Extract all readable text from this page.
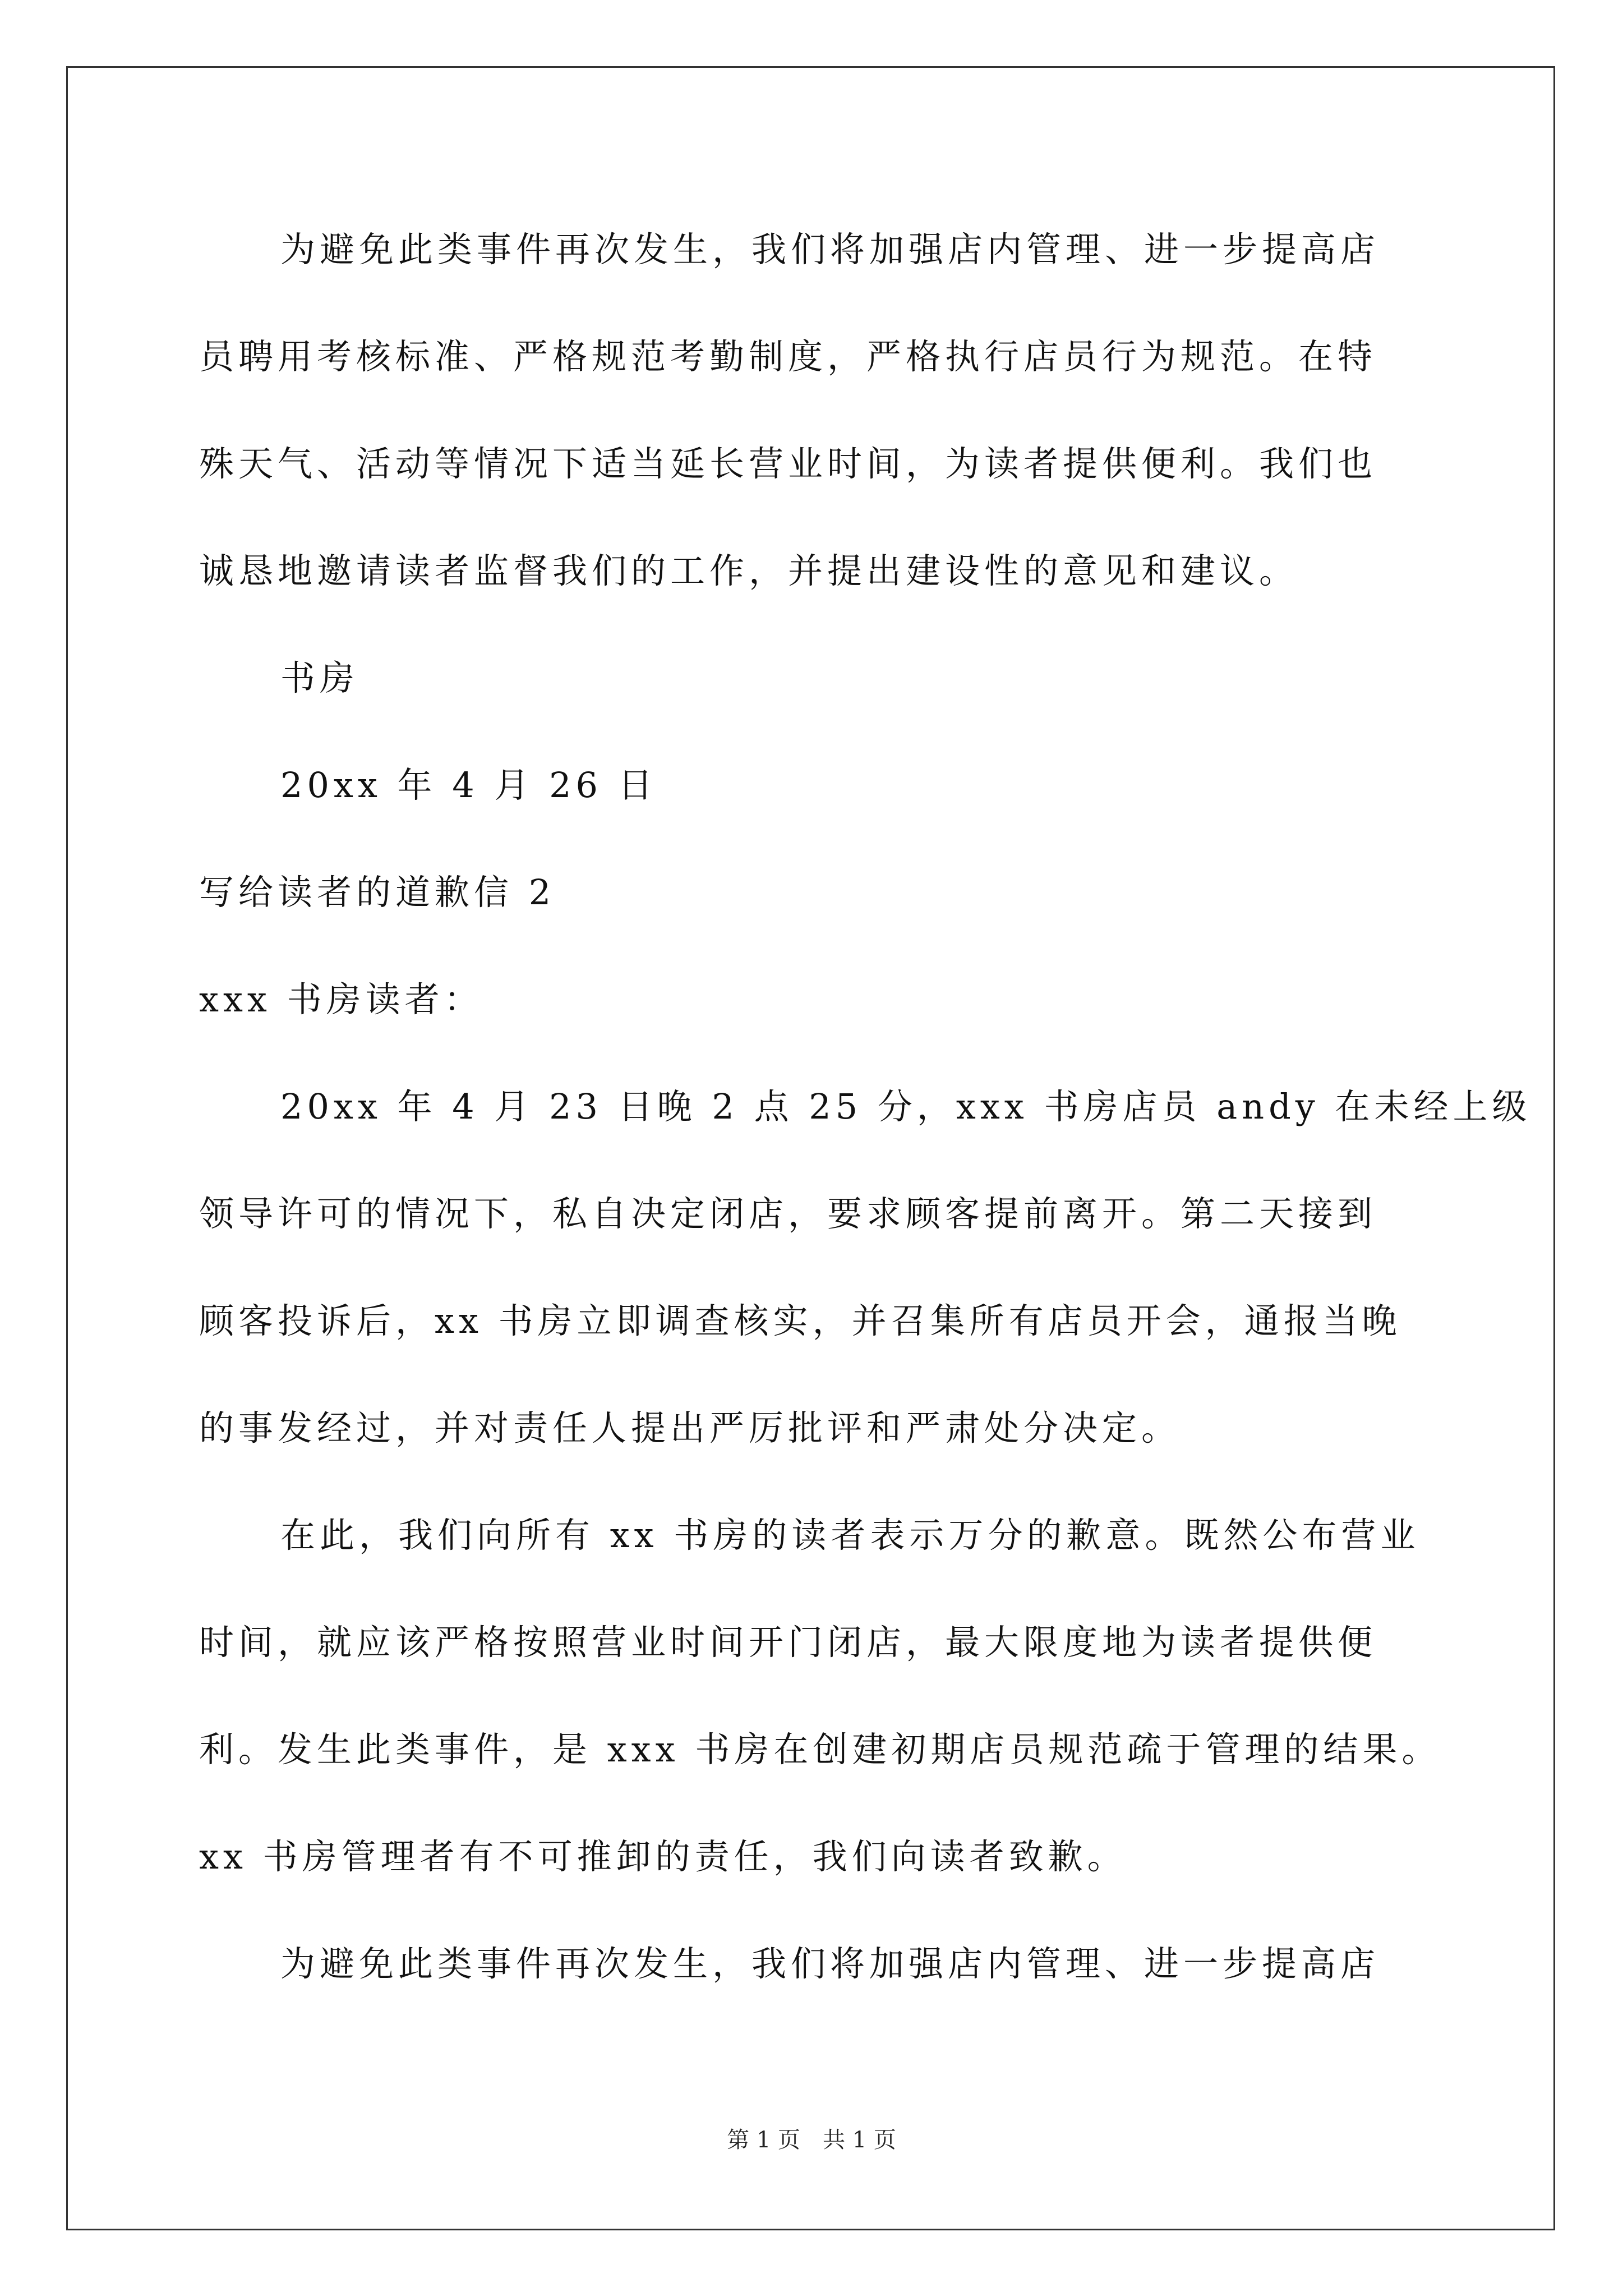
为避免此类事件再次发生，我们将加强店内管理、进一步提高店
员聘用考核标准、严格规范考勤制度，严格执行店员行为规范。在特
殊天气、活动等情况下适当延长营业时间，为读者提供便利。我们也
诚恳地邀请读者监督我们的工作，并提出建设性的意见和建议。
书房
20xx 年 4 月 26 日
写给读者的道歉信 2
xxx 书房读者：
20xx 年 4 月 23 日晚 2 点 25 分，xxx 书房店员 andy 在未经上级
领导许可的情况下，私自决定闭店，要求顾客提前离开。第二天接到
顾客投诉后，xx 书房立即调查核实，并召集所有店员开会，通报当晚
的事发经过，并对责任人提出严厉批评和严肃处分决定。
在此，我们向所有 xx 书房的读者表示万分的歉意。既然公布营业
时间，就应该严格按照营业时间开门闭店，最大限度地为读者提供便
利。发生此类事件，是 xxx 书房在创建初期店员规范疏于管理的结果。
xx 书房管理者有不可推卸的责任，我们向读者致歉。
为避免此类事件再次发生，我们将加强店内管理、进一步提高店
第 1 页　共 1 页
